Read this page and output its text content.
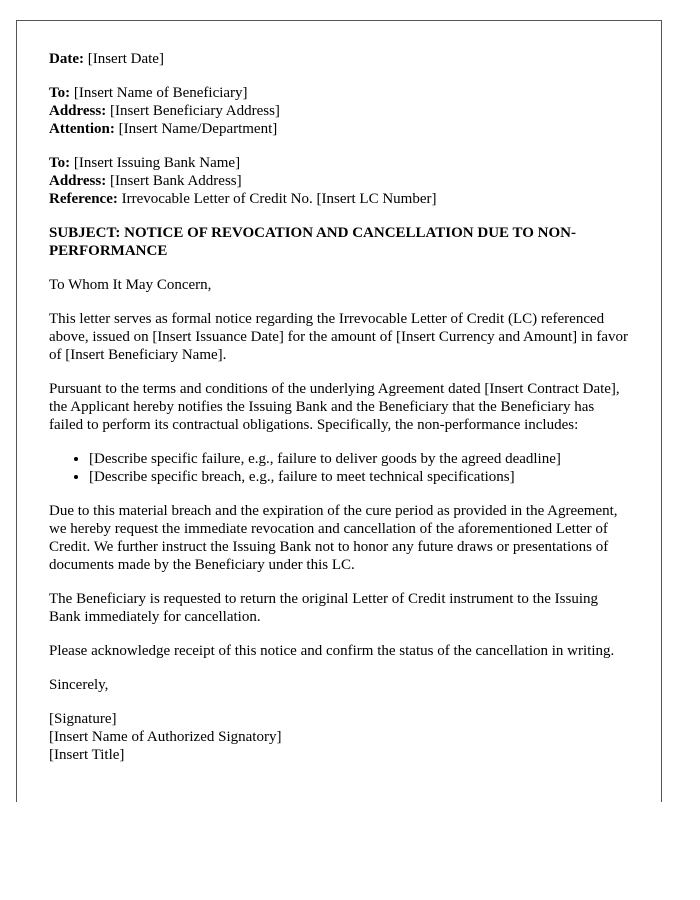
Date: [Insert Date]

To: [Insert Name of Beneficiary]
Address: [Insert Beneficiary Address]
Attention: [Insert Name/Department]

To: [Insert Issuing Bank Name]
Address: [Insert Bank Address]
Reference: Irrevocable Letter of Credit No. [Insert LC Number]

SUBJECT: NOTICE OF REVOCATION AND CANCELLATION DUE TO NON-PERFORMANCE

To Whom It May Concern,

This letter serves as formal notice regarding the Irrevocable Letter of Credit (LC) referenced above, issued on [Insert Issuance Date] for the amount of [Insert Currency and Amount] in favor of [Insert Beneficiary Name].

Pursuant to the terms and conditions of the underlying Agreement dated [Insert Contract Date], the Applicant hereby notifies the Issuing Bank and the Beneficiary that the Beneficiary has failed to perform its contractual obligations. Specifically, the non-performance includes:

• [Describe specific failure, e.g., failure to deliver goods by the agreed deadline]
• [Describe specific breach, e.g., failure to meet technical specifications]

Due to this material breach and the expiration of the cure period as provided in the Agreement, we hereby request the immediate revocation and cancellation of the aforementioned Letter of Credit. We further instruct the Issuing Bank not to honor any future draws or presentations of documents made by the Beneficiary under this LC.

The Beneficiary is requested to return the original Letter of Credit instrument to the Issuing Bank immediately for cancellation.

Please acknowledge receipt of this notice and confirm the status of the cancellation in writing.

Sincerely,

[Signature]
[Insert Name of Authorized Signatory]
[Insert Title]
